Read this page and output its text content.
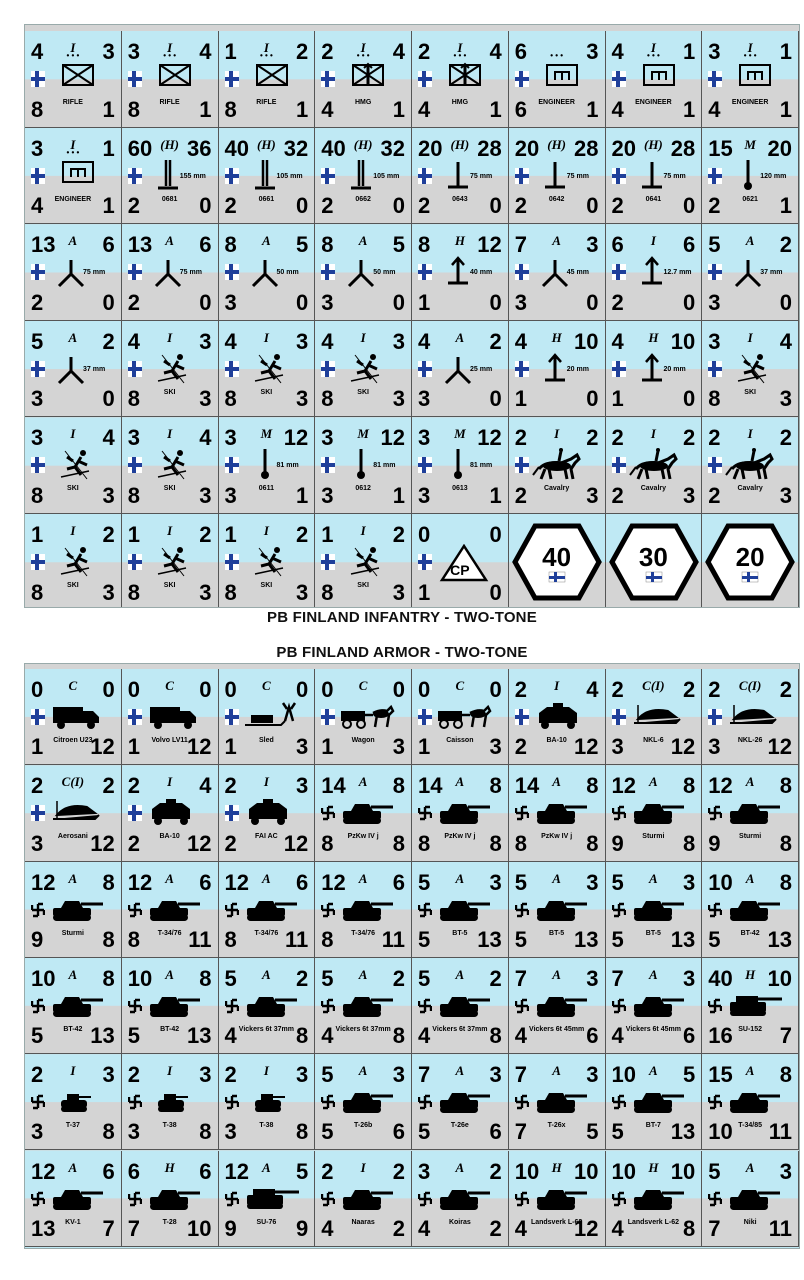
PB FINLAND INFANTRY - TWO-TONE
PB FINLAND ARMOR - TWO-TONE
4	3
8	1
I
• • •
RIFLE
3	4
8	1
I
• • •
RIFLE
1	2
8	1
I
• • •
RIFLE
2	4
4	1
I
• • •
HMG
2	4
4	1
I
• • •
HMG
6	3
6	1
• • •
ENGINEER
4	1
4	1
I
• • •
ENGINEER
3	1
4	1
I
• • •
ENGINEER
3	1
4	1
I
• • •
ENGINEER
60 36
2	0
(H)
155 mm
0681
40 32
2	0
(H)
105 mm
0661
40 32
2	0
(H)
105 mm
0662
20 28
2	0
(H)
75 mm
0643
20 28
2	0
(H)
75 mm
0642
20 28
2	0
(H)
75 mm
0641
15 20
2	1
M
120 mm
0621
13 6
2	0
A
75 mm
13 6
2	0
A
75 mm
8	5
3	0
A
50 mm
8	5
3	0
A
50 mm
8 12
1	0
H
40 mm
7	3
3	0
A
45 mm
6	6
2	0
I
12.7 mm
5	2
3	0
A
37 mm
5	2
3	0
A
37 mm
4	3
8	3
I
SKI
4	3
8	3
I
SKI
4	3
8	3
I
SKI
4	2
3	0
A
25 mm
4 10
1	0
H
20 mm
4 10
1	0
H
20 mm
3	4
8	3
I
SKI
3	4
8	3
I
SKI
3	4
8	3
I
SKI
3 12
3	1
M
81 mm
0611
3 12
3	1
M
81 mm
0612
3 12
3	1
M
81 mm
0613
2	2
2	3
I
Cavalry
2	2
2	3
I
Cavalry
2	2
2	3
I
Cavalry
1	2
8	3
I
SKI
1	2
8	3
I
SKI
1	2
8	3
I
SKI
1	2
8	3
I
SKI
0	0
1	0
CP	40	30	20
0	0
1 12
C
Citroen U23
0	0
1 12
C
Volvo LV11
0	0
1	3
C
Sled
0	0
1	3
C
Wagon
0	0
1	3
C
Caisson
2	4
2 12
I
BA-10
2	2
3 12
C(I)
NKL-6
2	2
3 12
C(I)
NKL-26
2	2
3 12
C(I)
Aerosani
2	4
2 12
I
BA-10
2	3
2 12
I
FAI AC
14 8
8	8
A
PzKw IV j
14 8
8	8
A
PzKw IV j
14 8
8	8
A
PzKw IV j
12 8
9	8
A
Sturmi
12 8
9	8
A
Sturmi
12 8
9	8
A
Sturmi
12 6
8 11
A
T-34/76
12 6
8 11
A
T-34/76
12 6
8 11
A
T-34/76
5	3
5 13
A
BT-5
5	3
5 13
A
BT-5
5	3
5 13
A
BT-5
10 8
5 13
A
BT-42
10 8
5 13
A
BT-42
10 8
5 13
A
BT-42
5	2
4	8
A
Vickers 6t 37mm
5	2
4	8
A
Vickers 6t 37mm
5	2
4	8
A
Vickers 6t 37mm
7	3
4	6
A
Vickers 6t 45mm
7	3
4	6
A
Vickers 6t 45mm
40 10
16 7
H
SU-152
2	3
3	8
I
T-37
2	3
3	8
I
T-38
2	3
3	8
I
T-38
5	3
5	6
A
T-26b
7	3
5	6
A
T-26e
7	3
7	5
A
T-26x
10 5
5 13
A
BT-7
15 8
10 11
A
T-34/85
12 6
13 7
A
KV-1
6	6
7 10
H
T-28
12 5
9	9
A
SU-76
2	2
4	2
I
Naaras
3	2
4	2
A
Koiras
10 10
4 12
H
Landsverk L-62
10 10
4	8
H
Landsverk L-62
5	3
7 11
A
Niki
